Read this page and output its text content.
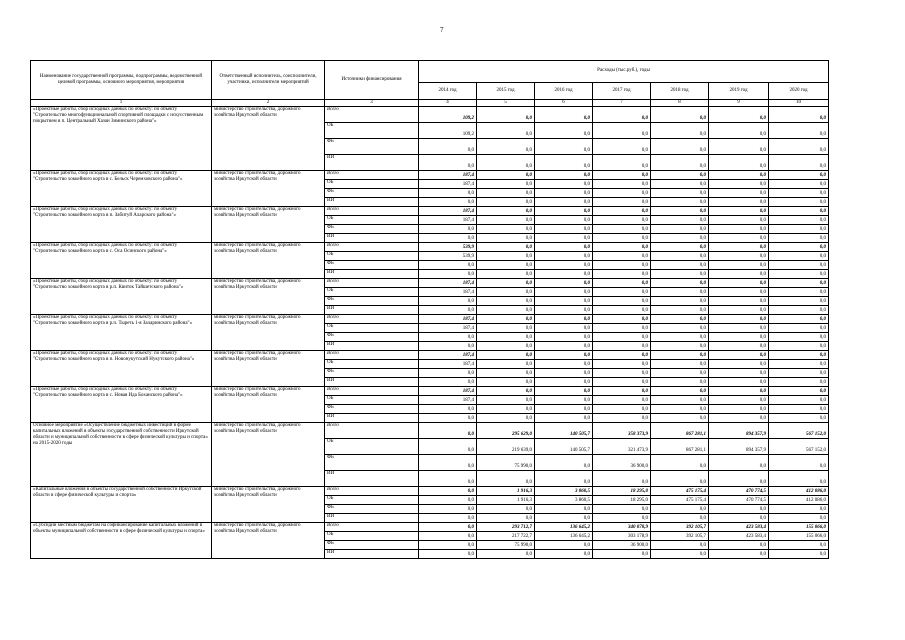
7
Наименование государственной программы, подпрограммы, ведомственной целевой программы, основного мероприятия, мероприятия	Ответственный исполнитель, соисполнители, участники, исполнители мероприятий	Источники финансирования	Расходы (тыс.руб.), годы						
			2014 год	2015 год	2016 год	2017 год	2018 год	2019 год	2020 год
1	2	3	4	5	6	7	8	9	10
«Проектные работы, сбор исходных данных по объекту: по объекту "Строительство многофункциональной спортивной площадки с искусственным покрытием в п. Центральный Хазан Зиминского района"»	министерство строительства, дорожного хозяйства Иркутской области	Всего	109,2	0,0	0,0	0,0	0,0	0,0	0,0
		ОБ	109,2	0,0	0,0	0,0	0,0	0,0	0,0
		ФБ	0,0	0,0	0,0	0,0	0,0	0,0	0,0
		ИИ	0,0	0,0	0,0	0,0	0,0	0,0	0,0
«Проектные работы, сбор исходных данных по объекту: по объекту "Строительство хоккейного корта в с. Бельск Черемховского района"»	министерство строительства, дорожного хозяйства Иркутской области	Всего	187,4	0,0	0,0	0,0	0,0	0,0	0,0
		ОБ	187,4	0,0	0,0	0,0	0,0	0,0	0,0
		ФБ	0,0	0,0	0,0	0,0	0,0	0,0	0,0
		ИИ	0,0	0,0	0,0	0,0	0,0	0,0	0,0
«Проектные работы, сбор исходных данных по объекту: по объекту "Строительство хоккейного корта в п. Забитуй Аларского района"»	министерство строительства, дорожного хозяйства Иркутской области	Всего	187,4	0,0	0,0	0,0	0,0	0,0	0,0
		ОБ	187,4	0,0	0,0	0,0	0,0	0,0	0,0
		ФБ	0,0	0,0	0,0	0,0	0,0	0,0	0,0
		ИИ	0,0	0,0	0,0	0,0	0,0	0,0	0,0
«Проектные работы, сбор исходных данных по объекту: по объекту "Строительство хоккейного корта в с. Оса Осинского района"»	министерство строительства, дорожного хозяйства Иркутской области	Всего	539,9	0,0	0,0	0,0	0,0	0,0	0,0
		ОБ	539,9	0,0	0,0	0,0	0,0	0,0	0,0
		ФБ	0,0	0,0	0,0	0,0	0,0	0,0	0,0
		ИИ	0,0	0,0	0,0	0,0	0,0	0,0	0,0
«Проектные работы, сбор исходных данных по объекту: по объекту "Строительство хоккейного корта в р.п. Квиток Тайшетского района"»	министерство строительства, дорожного хозяйства Иркутской области	Всего	187,4	0,0	0,0	0,0	0,0	0,0	0,0
		ОБ	187,4	0,0	0,0	0,0	0,0	0,0	0,0
		ФБ	0,0	0,0	0,0	0,0	0,0	0,0	0,0
		ИИ	0,0	0,0	0,0	0,0	0,0	0,0	0,0
«Проектные работы, сбор исходных данных по объекту: по объекту "Строительство хоккейного корта в р.п. Тыреть 1-я Заларинского района"»	министерство строительства, дорожного хозяйства Иркутской области	Всего	187,4	0,0	0,0	0,0	0,0	0,0	0,0
		ОБ	187,4	0,0	0,0	0,0	0,0	0,0	0,0
		ФБ	0,0	0,0	0,0	0,0	0,0	0,0	0,0
		ИИ	0,0	0,0	0,0	0,0	0,0	0,0	0,0
«Проектные работы, сбор исходных данных по объекту: по объекту "Строительство хоккейного корта в п. Новонукутский Нукутского района"»	министерство строительства, дорожного хозяйства Иркутской области	Всего	187,4	0,0	0,0	0,0	0,0	0,0	0,0
		ОБ	187,4	0,0	0,0	0,0	0,0	0,0	0,0
		ФБ	0,0	0,0	0,0	0,0	0,0	0,0	0,0
		ИИ	0,0	0,0	0,0	0,0	0,0	0,0	0,0
«Проектные работы, сбор исходных данных по объекту: по объекту "Строительство хоккейного корта в с. Новая Ида Боханского района"»	министерство строительства, дорожного хозяйства Иркутской области	Всего	187,4	0,0	0,0	0,0	0,0	0,0	0,0
		ОБ	187,4	0,0	0,0	0,0	0,0	0,0	0,0
		ФБ	0,0	0,0	0,0	0,0	0,0	0,0	0,0
		ИИ	0,0	0,0	0,0	0,0	0,0	0,0	0,0
Основное мероприятие «Осуществление бюджетных инвестиций в форме капитальных вложений в объекты государственной собственности Иркутской области и муниципальной собственности в сфере физической культуры и спорта» на 2015-2020 годы	министерство строительства, дорожного хозяйства Иркутской области	Всего	0,0	295 629,0	140 505,7	358 373,9	867 281,1	894 357,9	567 152,0
		ОБ	0,0	219 639,0	140 505,7	321 473,9	867 281,1	894 357,9	567 152,0
		ФБ	0,0	75 990,0	0,0	36 900,0	0,0	0,0	0,0
		ИИ	0,0	0,0	0,0	0,0	0,0	0,0	0,0
«Капитальные вложения в объекты государственной собственности Иркутской области в сфере физической культуры и спорта»	министерство строительства, дорожного хозяйства Иркутской области	Всего	0,0	1 916,3	3 860,5	18 295,0	475 175,4	470 774,5	412 086,0
		ОБ	0,0	1 916,3	3 860,5	18 295,0	475 175,4	470 774,5	412 086,0
		ФБ	0,0	0,0	0,0	0,0	0,0	0,0	0,0
		ИИ	0,0	0,0	0,0	0,0	0,0	0,0	0,0
«Субсидии местным бюджетам на софинансирование капитальных вложений в объекты муниципальной собственности в сфере физической культуры и спорта»	министерство строительства, дорожного хозяйства Иркутской области	Всего	0,0	293 712,7	136 645,2	340 078,9	392 105,7	423 583,4	155 066,0
		ОБ	0,0	217 722,7	136 645,2	303 178,9	392 105,7	423 583,4	155 066,0
		ФБ	0,0	75 990,0	0,0	36 900,0	0,0	0,0	0,0
		ИИ	0,0	0,0	0,0	0,0	0,0	0,0	0,0
